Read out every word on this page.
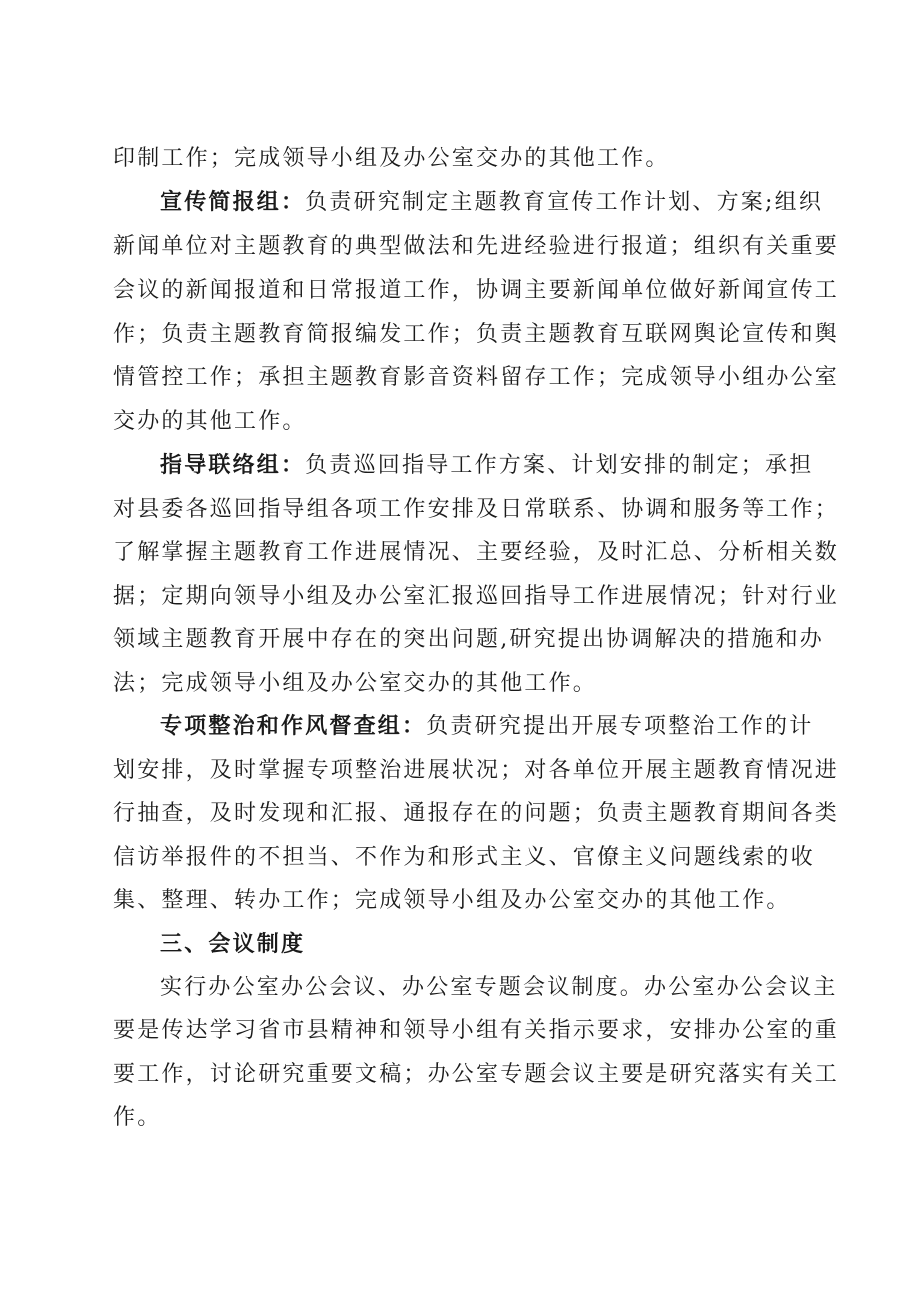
印制工作；完成领导小组及办公室交办的其他工作。
宣传简报组：负责研究制定主题教育宣传工作计划、方案;组织
新闻单位对主题教育的典型做法和先进经验进行报道；组织有关重要
会议的新闻报道和日常报道工作，协调主要新闻单位做好新闻宣传工
作；负责主题教育简报编发工作；负责主题教育互联网舆论宣传和舆
情管控工作；承担主题教育影音资料留存工作；完成领导小组办公室
交办的其他工作。
指导联络组：负责巡回指导工作方案、计划安排的制定；承担
对县委各巡回指导组各项工作安排及日常联系、协调和服务等工作；
了解掌握主题教育工作进展情况、主要经验，及时汇总、分析相关数
据；定期向领导小组及办公室汇报巡回指导工作进展情况；针对行业
领域主题教育开展中存在的突出问题,研究提出协调解决的措施和办
法；完成领导小组及办公室交办的其他工作。
专项整治和作风督查组：负责研究提出开展专项整治工作的计
划安排，及时掌握专项整治进展状况；对各单位开展主题教育情况进
行抽查，及时发现和汇报、通报存在的问题；负责主题教育期间各类
信访举报件的不担当、不作为和形式主义、官僚主义问题线索的收
集、整理、转办工作；完成领导小组及办公室交办的其他工作。
三、会议制度
实行办公室办公会议、办公室专题会议制度。办公室办公会议主
要是传达学习省市县精神和领导小组有关指示要求，安排办公室的重
要工作，讨论研究重要文稿；办公室专题会议主要是研究落实有关工
作。
